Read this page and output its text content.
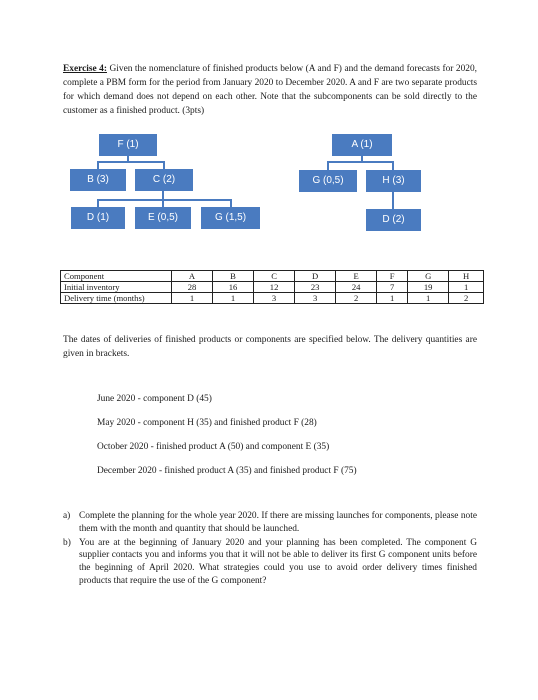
Exercise 4: Given the nomenclature of finished products below (A and F) and the demand forecasts for 2020, complete a PBM form for the period from January 2020 to December 2020. A and F are two separate products for which demand does not depend on each other. Note that the subcomponents can be sold directly to the customer as a finished product. (3pts)
F (1)
B (3)	C (2)
D (1)	E (0,5)	G (1,5)
A (1)
G (0,5)	H (3)
D (2)
Component	A	B	C	D	E	F	G	H
Initial inventory	28	16	12	23	24	7	19	1
Delivery time (months)	1	1	3	3	2	1	1	2
The dates of deliveries of finished products or components are specified below. The delivery quantities are given in brackets.
June 2020 - component D (45)
May 2020 - component H (35) and finished product F (28)
October 2020 - finished product A (50) and component E (35)
December 2020 - finished product A (35) and finished product F (75)
a) Complete the planning for the whole year 2020. If there are missing launches for components, please note them with the month and quantity that should be launched.
b) You are at the beginning of January 2020 and your planning has been completed. The component G supplier contacts you and informs you that it will not be able to deliver its first G component units before the beginning of April 2020. What strategies could you use to avoid order delivery times finished products that require the use of the G component?
